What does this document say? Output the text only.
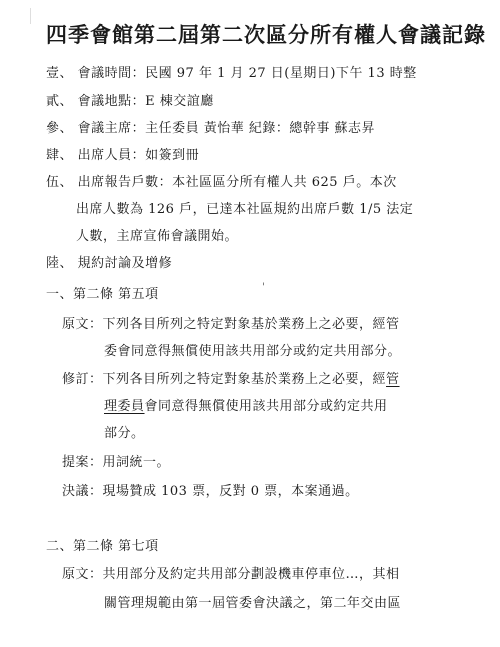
四季會館第二屆第二次區分所有權人會議記錄
壹、 會議時間：民國 97 年 1 月 27 日(星期日)下午 13 時整
貳、 會議地點：E 棟交誼廳
參、 會議主席：主任委員 黃怡華 紀錄：總幹事 蘇志昇
肆、 出席人員：如簽到冊
伍、 出席報告戶數：本社區區分所有權人共 625 戶。本次
出席人數為 126 戶，已達本社區規約出席戶數 1/5 法定
人數，主席宣佈會議開始。
陸、 規約討論及增修
'
一、第二條 第五項
原文：下列各目所列之特定對象基於業務上之必要，經管
委會同意得無償使用該共用部分或約定共用部分。
修訂：下列各目所列之特定對象基於業務上之必要，經管
理委員會同意得無償使用該共用部分或約定共用
部分。
提案：用詞統一。
決議：現場贊成 103 票，反對 0 票，本案通過。
二、第二條 第七項
原文：共用部分及約定共用部分劃設機車停車位…，其相
關管理規範由第一屆管委會決議之，第二年交由區
